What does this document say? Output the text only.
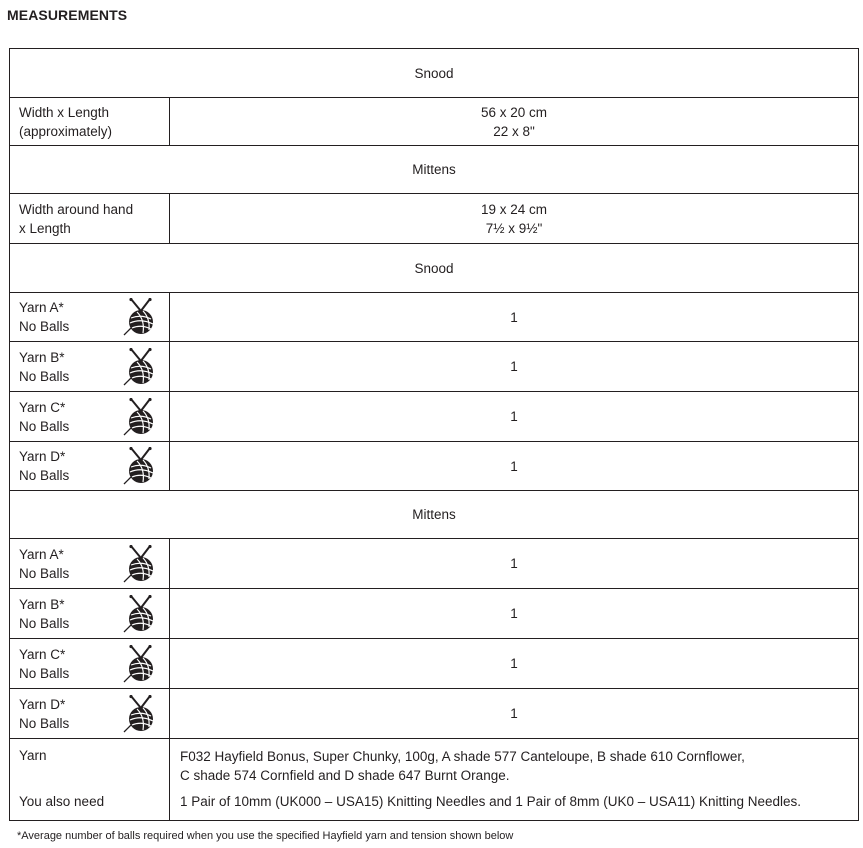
MEASUREMENTS
Snood
Width x Length
(approximately)
56 x 20 cm
22 x 8"
Mittens
Width around hand
x Length
19 x 24 cm
7½ x 9½"
Snood
Yarn A*
No Balls
1
Yarn B*
No Balls
1
Yarn C*
No Balls
1
Yarn D*
No Balls
1
Mittens
Yarn A*
No Balls
1
Yarn B*
No Balls
1
Yarn C*
No Balls
1
Yarn D*
No Balls
1
Yarn
You also need
F032 Hayfield Bonus, Super Chunky, 100g, A shade 577 Canteloupe, B shade 610 Cornflower,
C shade 574 Cornfield and D shade 647 Burnt Orange.
1 Pair of 10mm (UK000 – USA15) Knitting Needles and 1 Pair of 8mm (UK0 – USA11) Knitting Needles.
*Average number of balls required when you use the specified Hayfield yarn and tension shown below
